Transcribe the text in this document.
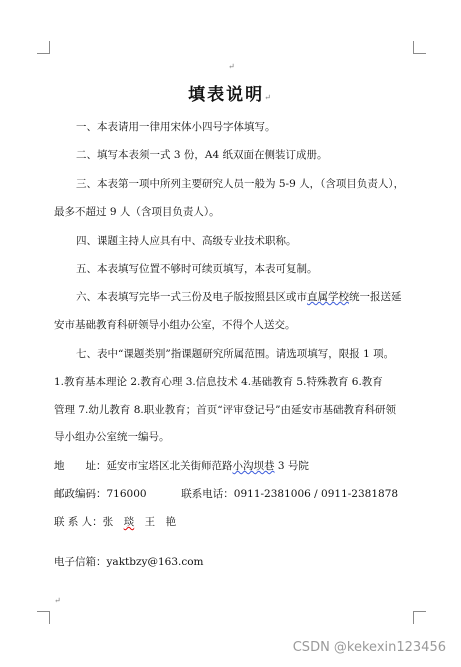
↵
填表说明↵
一、本表请用一律用宋体小四号字体填写。
二、填写本表须一式 3 份，A4 纸双面在侧装订成册。
三、本表第一项中所列主要研究人员一般为 5-9 人，（含项目负责人），
最多不超过 9 人（含项目负责人）。
四、课题主持人应具有中、高级专业技术职称。
五、本表填写位置不够时可续页填写，本表可复制。
六、本表填写完毕一式三份及电子版按照县区或市直属学校统一报送延
安市基础教育科研领导小组办公室，不得个人送交。
七、表中“课题类别”指课题研究所属范围。请选项填写，限报 1 项。
1.教育基本理论 2.教育心理 3.信息技术 4.基础教育 5.特殊教育 6.教育
管理 7.幼儿教育 8.职业教育；首页“评审登记号”由延安市基础教育科研领
导小组办公室统一编号。
地　　址：延安市宝塔区北关街师范路小沟坝巷 3 号院
邮政编码：716000	联系电话：0911-2381006 / 0911-2381878
联 系 人：张　琰　王　艳
电子信箱：yaktbzy@163.com
↵
CSDN @kekexin123456
